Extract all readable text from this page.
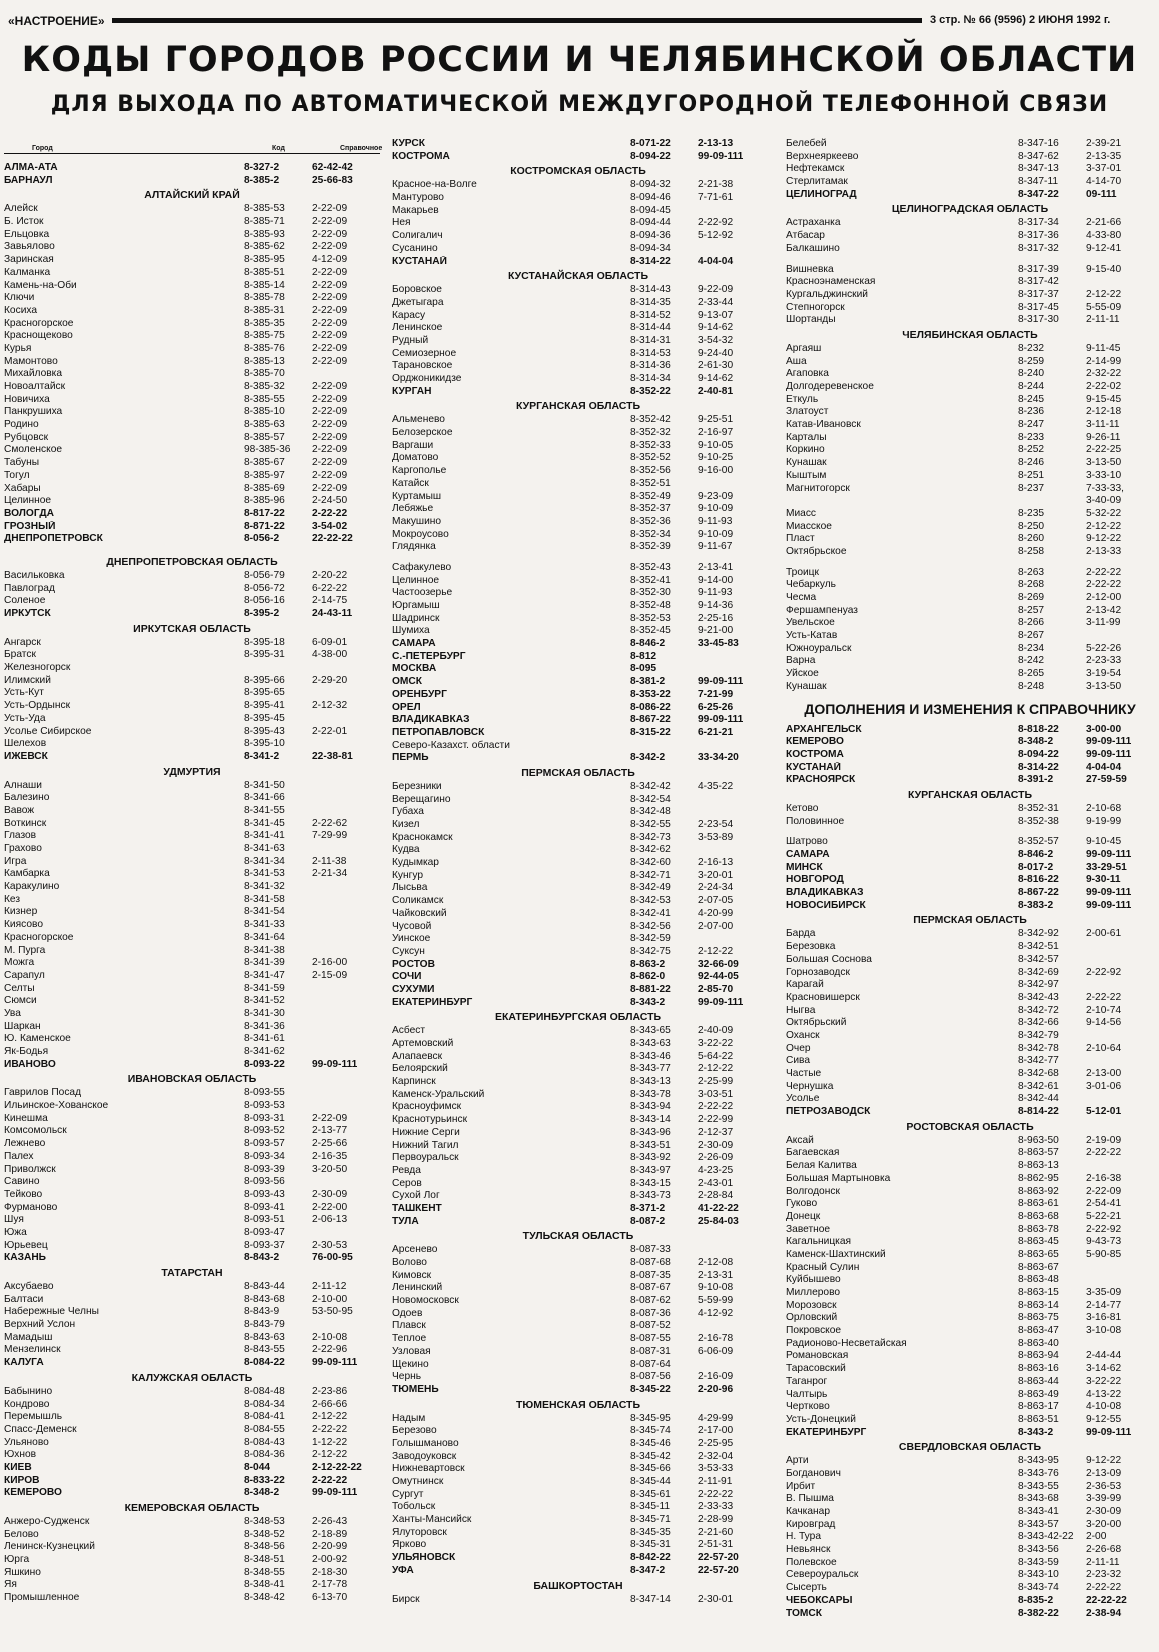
«НАСТРОЕНИЕ»	3 стр. № 66 (9596) 2 ИЮНЯ 1992 г.
КОДЫ ГОРОДОВ РОССИИ И ЧЕЛЯБИНСКОЙ ОБЛАСТИ
ДЛЯ ВЫХОДА ПО АВТОМАТИЧЕСКОЙ МЕЖДУГОРОДНОЙ ТЕЛЕФОННОЙ СВЯЗИ
Город	Код	Справочное
АЛМА-АТА	8-327-2	62-42-42
БАРНАУЛ	8-385-2	25-66-83
АЛТАЙСКИЙ КРАЙ
Алейск	8-385-53	2-22-09
Б. Исток	8-385-71	2-22-09
Ельцовка	8-385-93	2-22-09
Завьялово	8-385-62	2-22-09
Заринская	8-385-95	4-12-09
Калманка	8-385-51	2-22-09
Камень-на-Оби	8-385-14	2-22-09
Ключи	8-385-78	2-22-09
Косиха	8-385-31	2-22-09
Красногорское	8-385-35	2-22-09
Краснощеково	8-385-75	2-22-09
Курья	8-385-76	2-22-09
Мамонтово	8-385-13	2-22-09
Михайловка	8-385-70
Новоалтайск	8-385-32	2-22-09
Новичиха	8-385-55	2-22-09
Панкрушиха	8-385-10	2-22-09
Родино	8-385-63	2-22-09
Рубцовск	8-385-57	2-22-09
Смоленское	98-385-36	2-22-09
Табуны	8-385-67	2-22-09
Тогул	8-385-97	2-22-09
Хабары	8-385-69	2-22-09
Целинное	8-385-96	2-24-50
ВОЛОГДА	8-817-22	2-22-22
ГРОЗНЫЙ	8-871-22	3-54-02
ДНЕПРОПЕТРОВСК	8-056-2	22-22-22
ДНЕПРОПЕТРОВСКАЯ ОБЛАСТЬ
Васильковка	8-056-79	2-20-22
Павлоград	8-056-72	6-22-22
Соленое	8-056-16	2-14-75
ИРКУТСК	8-395-2	24-43-11
ИРКУТСКАЯ ОБЛАСТЬ
Ангарск	8-395-18	6-09-01
Братск	8-395-31	4-38-00
Железногорск
Илимский	8-395-66	2-29-20
Усть-Кут	8-395-65
Усть-Ордынск	8-395-41	2-12-32
Усть-Уда	8-395-45
Усолье Сибирское	8-395-43	2-22-01
Шелехов	8-395-10
ИЖЕВСК	8-341-2	22-38-81
УДМУРТИЯ
Алнаши	8-341-50
Балезино	8-341-66
Вавож	8-341-55
Воткинск	8-341-45	2-22-62
Глазов	8-341-41	7-29-99
Грахово	8-341-63
Игра	8-341-34	2-11-38
Камбарка	8-341-53	2-21-34
Каракулино	8-341-32
Кез	8-341-58
Кизнер	8-341-54
Киясово	8-341-33
Красногорское	8-341-64
М. Пурга	8-341-38
Можга	8-341-39	2-16-00
Сарапул	8-341-47	2-15-09
Селты	8-341-59
Сюмси	8-341-52
Ува	8-341-30
Шаркан	8-341-36
Ю. Каменское	8-341-61
Як-Бодья	8-341-62
ИВАНОВО	8-093-22	99-09-111
ИВАНОВСКАЯ ОБЛАСТЬ
Гаврилов Посад	8-093-55
Ильинское-Хованское	8-093-53
Кинешма	8-093-31	2-22-09
Комсомольск	8-093-52	2-13-77
Лежнево	8-093-57	2-25-66
Палех	8-093-34	2-16-35
Приволжск	8-093-39	3-20-50
Савино	8-093-56
Тейково	8-093-43	2-30-09
Фурманово	8-093-41	2-22-00
Шуя	8-093-51	2-06-13
Южа	8-093-47
Юрьевец	8-093-37	2-30-53
КАЗАНЬ	8-843-2	76-00-95
ТАТАРСТАН
Аксубаево	8-843-44	2-11-12
Балтаси	8-843-68	2-10-00
Набережные Челны	8-843-9	53-50-95
Верхний Услон	8-843-79
Мамадыш	8-843-63	2-10-08
Мензелинск	8-843-55	2-22-96
КАЛУГА	8-084-22	99-09-111
КАЛУЖСКАЯ ОБЛАСТЬ
Бабынино	8-084-48	2-23-86
Кондрово	8-084-34	2-66-66
Перемышль	8-084-41	2-12-22
Спасс-Деменск	8-084-55	2-22-22
Ульяново	8-084-43	1-12-22
Юхнов	8-084-36	2-12-22
КИЕВ	8-044	2-12-22-22
КИРОВ	8-833-22	2-22-22
КЕМЕРОВО	8-348-2	99-09-111
КЕМЕРОВСКАЯ ОБЛАСТЬ
Анжеро-Судженск	8-348-53	2-26-43
Белово	8-348-52	2-18-89
Ленинск-Кузнецкий	8-348-56	2-20-99
Юрга	8-348-51	2-00-92
Яшкино	8-348-55	2-18-30
Яя	8-348-41	2-17-78
Промышленное	8-348-42	6-13-70
КУРСК	8-071-22	2-13-13
КОСТРОМА	8-094-22	99-09-111
КОСТРОМСКАЯ ОБЛАСТЬ
Красное-на-Волге	8-094-32	2-21-38
Мантурово	8-094-46	7-71-61
Макарьев	8-094-45
Нея	8-094-44	2-22-92
Солигалич	8-094-36	5-12-92
Сусанино	8-094-34
КУСТАНАЙ	8-314-22	4-04-04
КУСТАНАЙСКАЯ ОБЛАСТЬ
Боровское	8-314-43	9-22-09
Джетыгара	8-314-35	2-33-44
Карасу	8-314-52	9-13-07
Ленинское	8-314-44	9-14-62
Рудный	8-314-31	3-54-32
Семиозерное	8-314-53	9-24-40
Тарановское	8-314-36	2-61-30
Орджоникидзе	8-314-34	9-14-62
КУРГАН	8-352-22	2-40-81
КУРГАНСКАЯ ОБЛАСТЬ
Альменево	8-352-42	9-25-51
Белозерское	8-352-32	2-16-97
Варгаши	8-352-33	9-10-05
Доматово	8-352-52	9-10-25
Каргополье	8-352-56	9-16-00
Катайск	8-352-51
Куртамыш	8-352-49	9-23-09
Лебяжье	8-352-37	9-10-09
Макушино	8-352-36	9-11-93
Мокроусово	8-352-34	9-10-09
Глядянка	8-352-39	9-11-67
Сафакулево	8-352-43	2-13-41
Целинное	8-352-41	9-14-00
Частоозерье	8-352-30	9-11-93
Юргамыш	8-352-48	9-14-36
Шадринск	8-352-53	2-25-16
Шумиха	8-352-45	9-21-00
САМАРА	8-846-2	33-45-83
С.-ПЕТЕРБУРГ	8-812
МОСКВА	8-095
ОМСК	8-381-2	99-09-111
ОРЕНБУРГ	8-353-22	7-21-99
ОРЕЛ	8-086-22	6-25-26
ВЛАДИКАВКАЗ	8-867-22	99-09-111
ПЕТРОПАВЛОВСК	8-315-22	6-21-21
Северо-Казахст. области
ПЕРМЬ	8-342-2	33-34-20
ПЕРМСКАЯ ОБЛАСТЬ
Березники	8-342-42	4-35-22
Верещагино	8-342-54
Губаха	8-342-48
Кизел	8-342-55	2-23-54
Краснокамск	8-342-73	3-53-89
Кудва	8-342-62
Кудымкар	8-342-60	2-16-13
Кунгур	8-342-71	3-20-01
Лысьва	8-342-49	2-24-34
Соликамск	8-342-53	2-07-05
Чайковский	8-342-41	4-20-99
Чусовой	8-342-56	2-07-00
Уинское	8-342-59
Суксун	8-342-75	2-12-22
РОСТОВ	8-863-2	32-66-09
СОЧИ	8-862-0	92-44-05
СУХУМИ	8-881-22	2-85-70
ЕКАТЕРИНБУРГ	8-343-2	99-09-111
ЕКАТЕРИНБУРГСКАЯ ОБЛАСТЬ
Асбест	8-343-65	2-40-09
Артемовский	8-343-63	3-22-22
Алапаевск	8-343-46	5-64-22
Белоярский	8-343-77	2-12-22
Карпинск	8-343-13	2-25-99
Каменск-Уральский	8-343-78	3-03-51
Красноуфимск	8-343-94	2-22-22
Краснотурьинск	8-343-14	2-22-99
Нижние Серги	8-343-96	2-12-37
Нижний Тагил	8-343-51	2-30-09
Первоуральск	8-343-92	2-26-09
Ревда	8-343-97	4-23-25
Серов	8-343-15	2-43-01
Сухой Лог	8-343-73	2-28-84
ТАШКЕНТ	8-371-2	41-22-22
ТУЛА	8-087-2	25-84-03
ТУЛЬСКАЯ ОБЛАСТЬ
Арсенево	8-087-33
Волово	8-087-68	2-12-08
Кимовск	8-087-35	2-13-31
Ленинский	8-087-67	9-10-08
Новомосковск	8-087-62	5-59-99
Одоев	8-087-36	4-12-92
Плавск	8-087-52
Теплое	8-087-55	2-16-78
Узловая	8-087-31	6-06-09
Щекино	8-087-64
Чернь	8-087-56	2-16-09
ТЮМЕНЬ	8-345-22	2-20-96
ТЮМЕНСКАЯ ОБЛАСТЬ
Надым	8-345-95	4-29-99
Березово	8-345-74	2-17-00
Голышманово	8-345-46	2-25-95
Заводоуковск	8-345-42	2-32-04
Нижневартовск	8-345-66	3-53-33
Омутнинск	8-345-44	2-11-91
Сургут	8-345-61	2-22-22
Тобольск	8-345-11	2-33-33
Ханты-Мансийск	8-345-71	2-28-99
Ялуторовск	8-345-35	2-21-60
Ярково	8-345-31	2-51-31
УЛЬЯНОВСК	8-842-22	22-57-20
УФА	8-347-2	22-57-20
БАШКОРТОСТАН
Бирск	8-347-14	2-30-01
Белебей	8-347-16	2-39-21
Верхнеяркеево	8-347-62	2-13-35
Нефтекамск	8-347-13	3-37-01
Стерлитамак	8-347-11	4-14-70
ЦЕЛИНОГРАД	8-347-22	09-111
ЦЕЛИНОГРАДСКАЯ ОБЛАСТЬ
Астраханка	8-317-34	2-21-66
Атбасар	8-317-36	4-33-80
Балкашино	8-317-32	9-12-41
Вишневка	8-317-39	9-15-40
Красноэнаменская	8-317-42
Кургальджинский	8-317-37	2-12-22
Степногорск	8-317-45	5-55-09
Шортанды	8-317-30	2-11-11
ЧЕЛЯБИНСКАЯ ОБЛАСТЬ
Аргаяш	8-232	9-11-45
Аша	8-259	2-14-99
Агаповка	8-240	2-32-22
Долгодеревенское	8-244	2-22-02
Еткуль	8-245	9-15-45
Златоуст	8-236	2-12-18
Катав-Ивановск	8-247	3-11-11
Карталы	8-233	9-26-11
Коркино	8-252	2-22-25
Кунашак	8-246	3-13-50
Кыштым	8-251	3-33-10
Магнитогорск	8-237	7-33-33,
3-40-09
Миасс	8-235	5-32-22
Миасское	8-250	2-12-22
Пласт	8-260	9-12-22
Октябрьское	8-258	2-13-33
Троицк	8-263	2-22-22
Чебаркуль	8-268	2-22-22
Чесма	8-269	2-12-00
Фершампенуаз	8-257	2-13-42
Увельское	8-266	3-11-99
Усть-Катав	8-267
Южноуральск	8-234	5-22-26
Варна	8-242	2-23-33
Уйское	8-265	3-19-54
Кунашак	8-248	3-13-50
ДОПОЛНЕНИЯ И ИЗМЕНЕНИЯ К СПРАВОЧНИКУ
АРХАНГЕЛЬСК	8-818-22	3-00-00
КЕМЕРОВО	8-348-2	99-09-111
КОСТРОМА	8-094-22	99-09-111
КУСТАНАЙ	8-314-22	4-04-04
КРАСНОЯРСК	8-391-2	27-59-59
КУРГАНСКАЯ ОБЛАСТЬ
Кетово	8-352-31	2-10-68
Половинное	8-352-38	9-19-99
Шатрово	8-352-57	9-10-45
САМАРА	8-846-2	99-09-111
МИНСК	8-017-2	33-29-51
НОВГОРОД	8-816-22	9-30-11
ВЛАДИКАВКАЗ	8-867-22	99-09-111
НОВОСИБИРСК	8-383-2	99-09-111
ПЕРМСКАЯ ОБЛАСТЬ
Барда	8-342-92	2-00-61
Березовка	8-342-51
Большая Соснова	8-342-57
Горнозаводск	8-342-69	2-22-92
Карагай	8-342-97
Красновишерск	8-342-43	2-22-22
Ныгва	8-342-72	2-10-74
Октябрьский	8-342-66	9-14-56
Оханск	8-342-79
Очер	8-342-78	2-10-64
Сива	8-342-77
Частые	8-342-68	2-13-00
Чернушка	8-342-61	3-01-06
Усолье	8-342-44
ПЕТРОЗАВОДСК	8-814-22	5-12-01
РОСТОВСКАЯ ОБЛАСТЬ
Аксай	8-963-50	2-19-09
Багаевская	8-863-57	2-22-22
Белая Калитва	8-863-13
Большая Мартыновка	8-862-95	2-16-38
Волгодонск	8-863-92	2-22-09
Гуково	8-863-61	2-54-41
Донецк	8-863-68	5-22-21
Заветное	8-863-78	2-22-92
Кагальницкая	8-863-45	9-43-73
Каменск-Шахтинский	8-863-65	5-90-85
Красный Сулин	8-863-67
Куйбышево	8-863-48
Миллерово	8-863-15	3-35-09
Морозовск	8-863-14	2-14-77
Орловский	8-863-75	3-16-81
Покровское	8-863-47	3-10-08
Радионово-Несветайская	8-863-40
Романовская	8-863-94	2-44-44
Тарасовский	8-863-16	3-14-62
Таганрог	8-863-44	3-22-22
Чалтырь	8-863-49	4-13-22
Чертково	8-863-17	4-10-08
Усть-Донецкий	8-863-51	9-12-55
ЕКАТЕРИНБУРГ	8-343-2	99-09-111
СВЕРДЛОВСКАЯ ОБЛАСТЬ
Арти	8-343-95	9-12-22
Богданович	8-343-76	2-13-09
Ирбит	8-343-55	2-36-53
В. Пышма	8-343-68	3-39-99
Качканар	8-343-41	2-30-09
Кировград	8-343-57	3-20-00
Н. Тура	8-343-42-22	2-00
Невьянск	8-343-56	2-26-68
Полевское	8-343-59	2-11-11
Североуральск	8-343-10	2-23-32
Сысерть	8-343-74	2-22-22
ЧЕБОКСАРЫ	8-835-2	22-22-22
ТОМСК	8-382-22	2-38-94
